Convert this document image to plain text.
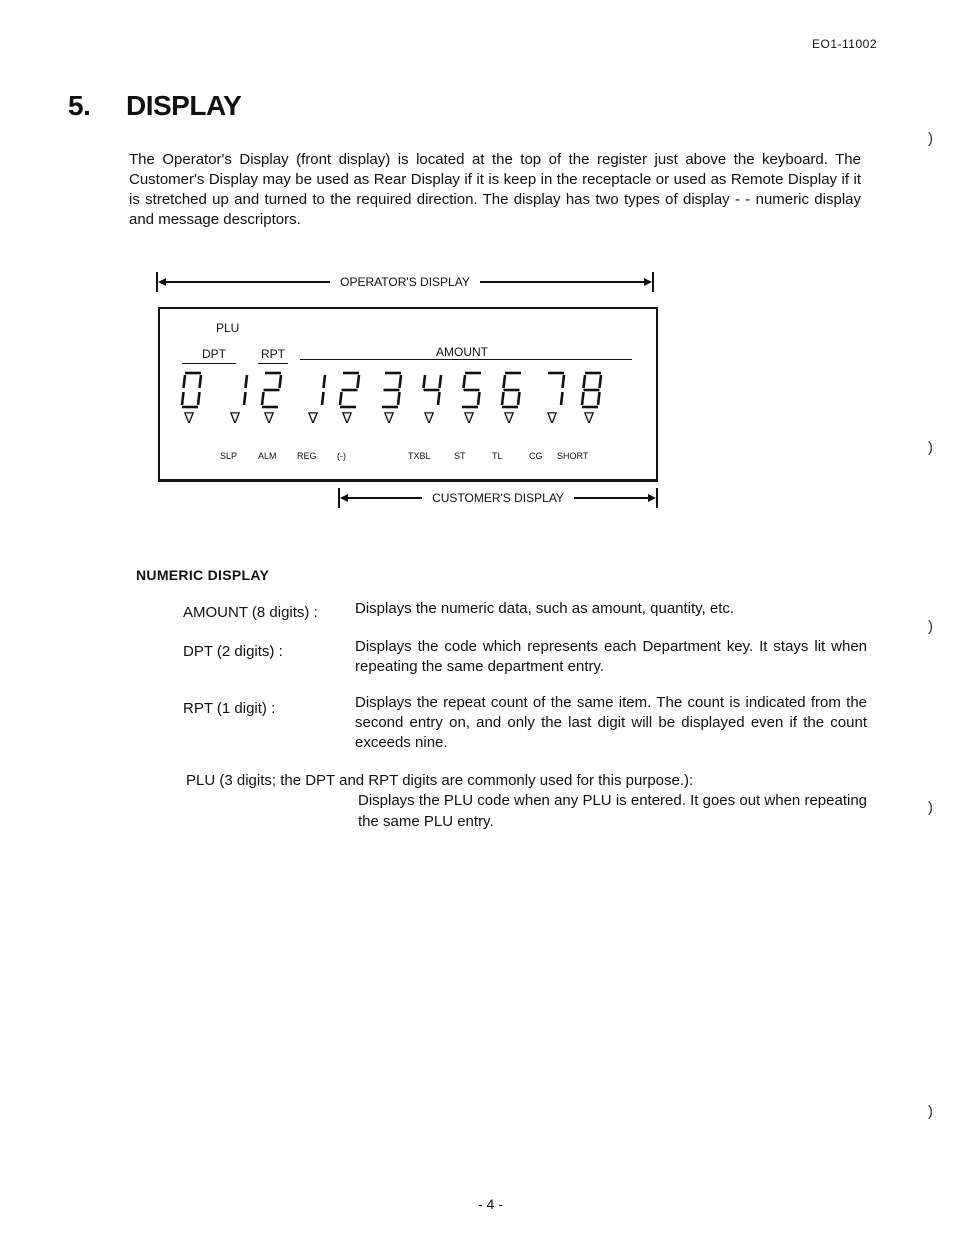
EO1-11002
5. DISPLAY
The Operator's Display (front display) is located at the top of the register just above the keyboard. The Customer's Display may be used as Rear Display if it is keep in the receptacle or used as Remote Display if it is stretched up and turned to the required direction. The display has two types of display - - numeric display and message descriptors.
)
)
)
)
)
OPERATOR'S DISPLAY
PLU
DPT	RPT	AMOUNT
∇ ∇ ∇ ∇ ∇ ∇ ∇ ∇ ∇ ∇ ∇
SLP ALM REG (-)	TXBL	ST	TL	CG SHORT
CUSTOMER'S DISPLAY
NUMERIC DISPLAY
AMOUNT (8 digits) : Displays the numeric data, such as amount, quantity, etc.
DPT (2 digits) :	Displays the code which represents each Department key. It stays lit when repeating the same department entry.
RPT (1 digit) :	Displays the repeat count of the same item. The count is indicated from the second entry on, and only the last digit will be displayed even if the count exceeds nine.
PLU (3 digits; the DPT and RPT digits are commonly used for this purpose.):
Displays the PLU code when any PLU is entered. It goes out when repeating the same PLU entry.
- 4 -
